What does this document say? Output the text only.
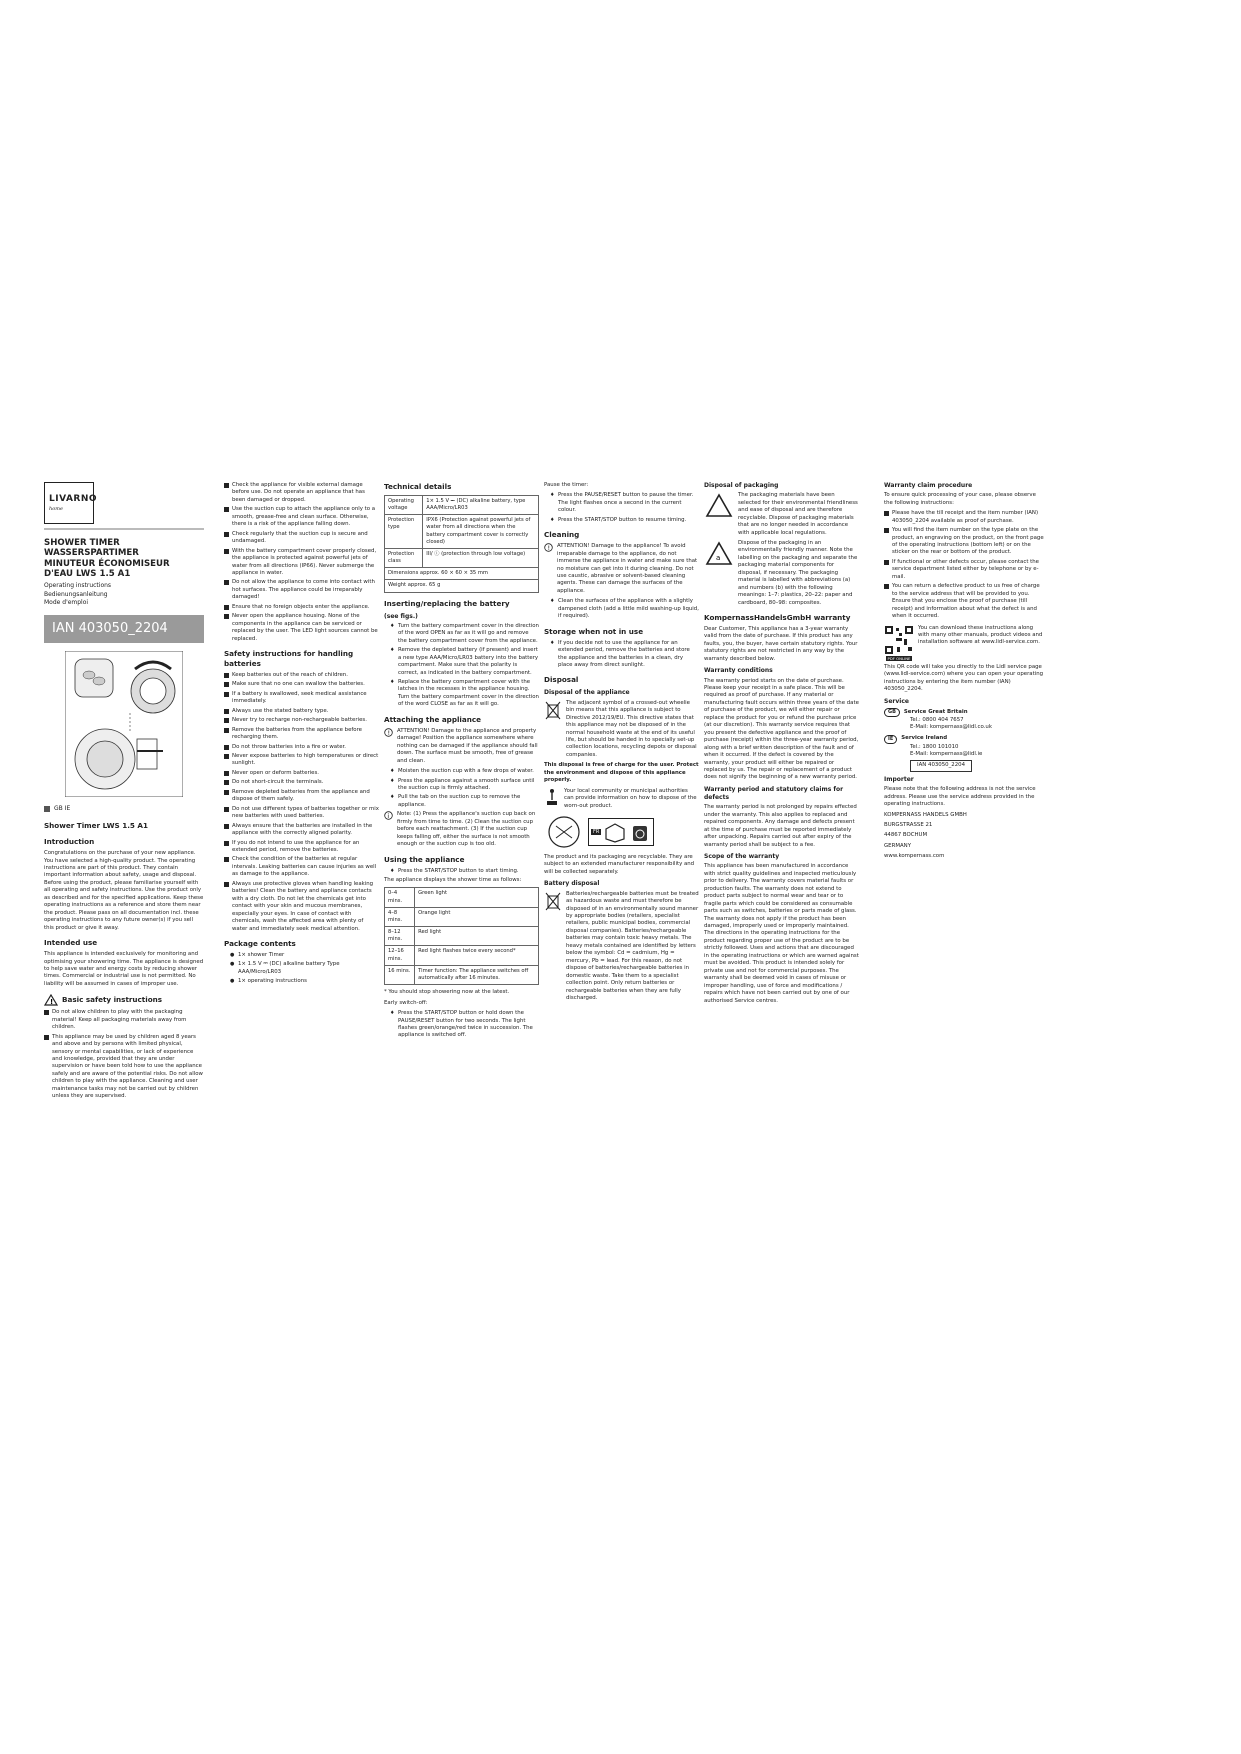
LIVARNO
home
SHOWER TIMER
WASSERSPARTIMER
MINUTEUR ÉCONOMISEUR
D'EAU LWS 1.5 A1
Operating instructions
Bedienungsanleitung
Mode d'emploi
IAN 403050_2204
GB IE
Shower Timer LWS 1.5 A1
Introduction

Congratulations on the purchase of your new appliance. You have selected a high-quality product. The operating instructions are part of this product. They contain important information about safety, usage and disposal. Before using the product, please familiarise yourself with all operating and safety instructions. Use the product only as described and for the specified applications. Keep these operating instructions as a reference and store them near the product. Please pass on all documentation incl. these operating instructions to any future owner(s) if you sell this product or give it away.

Intended use

This appliance is intended exclusively for monitoring and optimising your showering time. The appliance is designed to help save water and energy costs by reducing shower times. Commercial or industrial use is not permitted. No liability will be assumed in cases of improper use.

! Basic safety instructions
Do not allow children to play with the packaging material! Keep all packaging materials away from children.
This appliance may be used by children aged 8 years and above and by persons with limited physical, sensory or mental capabilities, or lack of experience and knowledge, provided that they are under supervision or have been told how to use the appliance safely and are aware of the potential risks. Do not allow children to play with the appliance. Cleaning and user maintenance tasks may not be carried out by children unless they are supervised.
Check the appliance for visible external damage before use. Do not operate an appliance that has been damaged or dropped.
Use the suction cup to attach the appliance only to a smooth, grease-free and clean surface. Otherwise, there is a risk of the appliance falling down.
Check regularly that the suction cup is secure and undamaged.
With the battery compartment cover properly closed, the appliance is protected against powerful jets of water from all directions (IP66). Never submerge the appliance in water.
Do not allow the appliance to come into contact with hot surfaces. The appliance could be irreparably damaged!
Ensure that no foreign objects enter the appliance.
Never open the appliance housing. None of the components in the appliance can be serviced or replaced by the user. The LED light sources cannot be replaced.
Safety instructions for handling batteries
Keep batteries out of the reach of children.
Make sure that no one can swallow the batteries.
If a battery is swallowed, seek medical assistance immediately.
Always use the stated battery type.
Never try to recharge non-rechargeable batteries.
Remove the batteries from the appliance before recharging them.
Do not throw batteries into a fire or water.
Never expose batteries to high temperatures or direct sunlight.
Never open or deform batteries.
Do not short-circuit the terminals.
Remove depleted batteries from the appliance and dispose of them safely.
Do not use different types of batteries together or mix new batteries with used batteries.
Always ensure that the batteries are installed in the appliance with the correctly aligned polarity.
If you do not intend to use the appliance for an extended period, remove the batteries.
Check the condition of the batteries at regular intervals. Leaking batteries can cause injuries as well as damage to the appliance.
Always use protective gloves when handling leaking batteries! Clean the battery and appliance contacts with a dry cloth. Do not let the chemicals get into contact with your skin and mucous membranes, especially your eyes. In case of contact with chemicals, wash the affected area with plenty of water and immediately seek medical attention.
Package contents
● 1× shower Timer
● 1× 1.5 V ⎓ (DC) alkaline battery Type AAA/Micro/LR03
● 1× operating instructions
Technical details
Operating voltage	1× 1.5 V ⎓ (DC) alkaline battery, type AAA/Micro/LR03
Protection type	IPX6 (Protection against powerful jets of water from all directions when the battery compartment cover is correctly closed)
Protection class	III/ ⓘ (protection through low voltage)
Dimensions approx. 60 × 60 × 35 mm	
Weight approx. 65 g	
Inserting/replacing the battery
(see figs.)
♦ Turn the battery compartment cover in the direction of the word OPEN as far as it will go and remove the battery compartment cover from the appliance.
♦ Remove the depleted battery (if present) and insert a new type AAA/Micro/LR03 battery into the battery compartment. Make sure that the polarity is correct, as indicated in the battery compartment.
♦ Replace the battery compartment cover with the latches in the recesses in the appliance housing. Turn the battery compartment cover in the direction of the word CLOSE as far as it will go.
Attaching the appliance
! ATTENTION! Damage to the appliance and property damage! Position the appliance somewhere where nothing can be damaged if the appliance should fall down. The surface must be smooth, free of grease and clean.
♦ Moisten the suction cup with a few drops of water.
♦ Press the appliance against a smooth surface until the suction cup is firmly attached.
♦ Pull the tab on the suction cup to remove the appliance.
i Note: (1) Press the appliance's suction cup back on firmly from time to time. (2) Clean the suction cup before each reattachment. (3) If the suction cup keeps falling off, either the surface is not smooth enough or the suction cup is too old.
Using the appliance
♦ Press the START/STOP button to start timing.

The appliance displays the shower time as follows:

0–4 mins.	Green light
4–8 mins.	Orange light
8–12 mins.	Red light
12–16 mins.	Red light flashes twice every second*
16 mins.	Timer function: The appliance switches off automatically after 16 minutes.

* You should stop showering now at the latest.

Early switch-off:

♦ Press the START/STOP button or hold down the PAUSE/RESET button for two seconds. The light flashes green/orange/red twice in succession. The appliance is switched off.

Pause the timer:

♦ Press the PAUSE/RESET button to pause the timer. The light flashes once a second in the current colour.
♦ Press the START/STOP button to resume timing.
Cleaning
! ATTENTION! Damage to the appliance! To avoid irreparable damage to the appliance, do not immerse the appliance in water and make sure that no moisture can get into it during cleaning. Do not use caustic, abrasive or solvent-based cleaning agents. These can damage the surfaces of the appliance.
♦ Clean the surfaces of the appliance with a slightly dampened cloth (add a little mild washing-up liquid, if required).
Storage when not in use
♦ If you decide not to use the appliance for an extended period, remove the batteries and store the appliance and the batteries in a clean, dry place away from direct sunlight.
Disposal
Disposal of the appliance
The adjacent symbol of a crossed-out wheelie bin means that this appliance is subject to Directive 2012/19/EU. This directive states that this appliance may not be disposed of in the normal household waste at the end of its useful life, but should be handed in to specially set-up collection locations, recycling depots or disposal companies.

This disposal is free of charge for the user. Protect the environment and dispose of this appliance properly.

Your local community or municipal authorities can provide information on how to dispose of the worn-out product.
FR

The product and its packaging are recyclable. They are subject to an extended manufacturer responsibility and will be collected separately.

Battery disposal
Batteries/rechargeable batteries must be treated as hazardous waste and must therefore be disposed of in an environmentally sound manner by appropriate bodies (retailers, specialist retailers, public municipal bodies, commercial disposal companies). Batteries/rechargeable batteries may contain toxic heavy metals. The heavy metals contained are identified by letters below the symbol: Cd = cadmium, Hg = mercury, Pb = lead. For this reason, do not dispose of batteries/rechargeable batteries in domestic waste. Take them to a specialist collection point. Only return batteries or rechargeable batteries when they are fully discharged.
Disposal of packaging
The packaging materials have been selected for their environmental friendliness and ease of disposal and are therefore recyclable. Dispose of packaging materials that are no longer needed in accordance with applicable local regulations.
a
Dispose of the packaging in an environmentally friendly manner. Note the labelling on the packaging and separate the packaging material components for disposal, if necessary. The packaging material is labelled with abbreviations (a) and numbers (b) with the following meanings: 1–7: plastics, 20–22: paper and cardboard, 80–98: composites.
KompernassHandelsGmbH warranty

Dear Customer, This appliance has a 3-year warranty valid from the date of purchase. If this product has any faults, you, the buyer, have certain statutory rights. Your statutory rights are not restricted in any way by the warranty described below.

Warranty conditions

The warranty period starts on the date of purchase. Please keep your receipt in a safe place. This will be required as proof of purchase. If any material or manufacturing fault occurs within three years of the date of purchase of the product, we will either repair or replace the product for you or refund the purchase price (at our discretion). This warranty service requires that you present the defective appliance and the proof of purchase (receipt) within the three-year warranty period, along with a brief written description of the fault and of when it occurred. If the defect is covered by the warranty, your product will either be repaired or replaced by us. The repair or replacement of a product does not signify the beginning of a new warranty period.

Warranty period and statutory claims for defects

The warranty period is not prolonged by repairs effected under the warranty. This also applies to replaced and repaired components. Any damage and defects present at the time of purchase must be reported immediately after unpacking. Repairs carried out after expiry of the warranty period shall be subject to a fee.

Scope of the warranty

This appliance has been manufactured in accordance with strict quality guidelines and inspected meticulously prior to delivery. The warranty covers material faults or production faults. The warranty does not extend to product parts subject to normal wear and tear or to fragile parts which could be considered as consumable parts such as switches, batteries or parts made of glass. The warranty does not apply if the product has been damaged, improperly used or improperly maintained. The directions in the operating instructions for the product regarding proper use of the product are to be strictly followed. Uses and actions that are discouraged in the operating instructions or which are warned against must be avoided. This product is intended solely for private use and not for commercial purposes. The warranty shall be deemed void in cases of misuse or improper handling, use of force and modifications / repairs which have not been carried out by one of our authorised Service centres.

Warranty claim procedure

To ensure quick processing of your case, please observe the following instructions:

Please have the till receipt and the item number (IAN) 403050_2204 available as proof of purchase.
You will find the item number on the type plate on the product, an engraving on the product, on the front page of the operating instructions (bottom left) or on the sticker on the rear or bottom of the product.
If functional or other defects occur, please contact the service department listed either by telephone or by e-mail.
You can return a defective product to us free of charge to the service address that will be provided to you. Ensure that you enclose the proof of purchase (till receipt) and information about what the defect is and when it occurred.
PDF ONLINE
You can download these instructions along with many other manuals, product videos and installation software at www.lidl-service.com.

This QR code will take you directly to the Lidl service page (www.lidl-service.com) where you can open your operating instructions by entering the item number (IAN) 403050_2204.

Service
GB	Service Great Britain
Tel.: 0800 404 7657
E-Mail: kompernass@lidl.co.uk
IE	Service Ireland
Tel.: 1800 101010
E-Mail: kompernass@lidl.ie
IAN 403050_2204
Importer

Please note that the following address is not the service address. Please use the service address provided in the operating instructions.

KOMPERNASS HANDELS GMBH

BURGSTRASSE 21

44867 BOCHUM

GERMANY

www.kompernass.com
